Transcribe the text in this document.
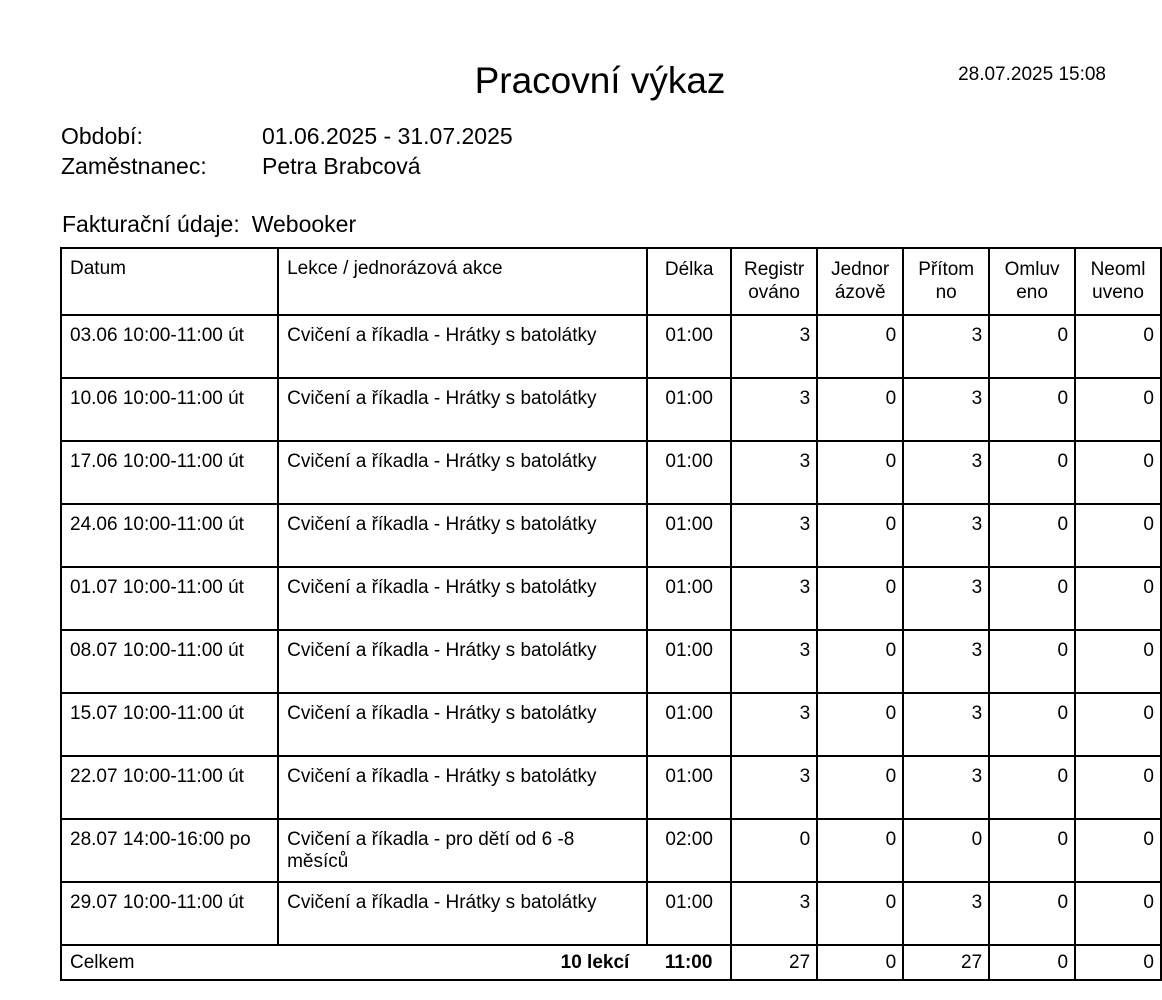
Pracovní výkaz	28.07.2025 15:08
Období:	01.06.2025 - 31.07.2025
Zaměstnanec: Petra Brabcová
Fakturační údaje: Webooker
Datum	Lekce / jednorázová akce	Délka	Registr ováno	Jednor ázově	Přítom no	Omluv eno	Neoml uveno
03.06 10:00-11:00 út	Cvičení a říkadla - Hrátky s batolátky	01:00	3	0	3	0	0
10.06 10:00-11:00 út	Cvičení a říkadla - Hrátky s batolátky	01:00	3	0	3	0	0
17.06 10:00-11:00 út	Cvičení a říkadla - Hrátky s batolátky	01:00	3	0	3	0	0
24.06 10:00-11:00 út	Cvičení a říkadla - Hrátky s batolátky	01:00	3	0	3	0	0
01.07 10:00-11:00 út	Cvičení a říkadla - Hrátky s batolátky	01:00	3	0	3	0	0
08.07 10:00-11:00 út	Cvičení a říkadla - Hrátky s batolátky	01:00	3	0	3	0	0
15.07 10:00-11:00 út	Cvičení a říkadla - Hrátky s batolátky	01:00	3	0	3	0	0
22.07 10:00-11:00 út	Cvičení a říkadla - Hrátky s batolátky	01:00	3	0	3	0	0
28.07 14:00-16:00 po	Cvičení a říkadla - pro dětí od 6 -8 měsíců	02:00	0	0	0	0	0
29.07 10:00-11:00 út	Cvičení a říkadla - Hrátky s batolátky	01:00	3	0	3	0	0
Celkem	10 lekcí	11:00	27	0	27	0	0
